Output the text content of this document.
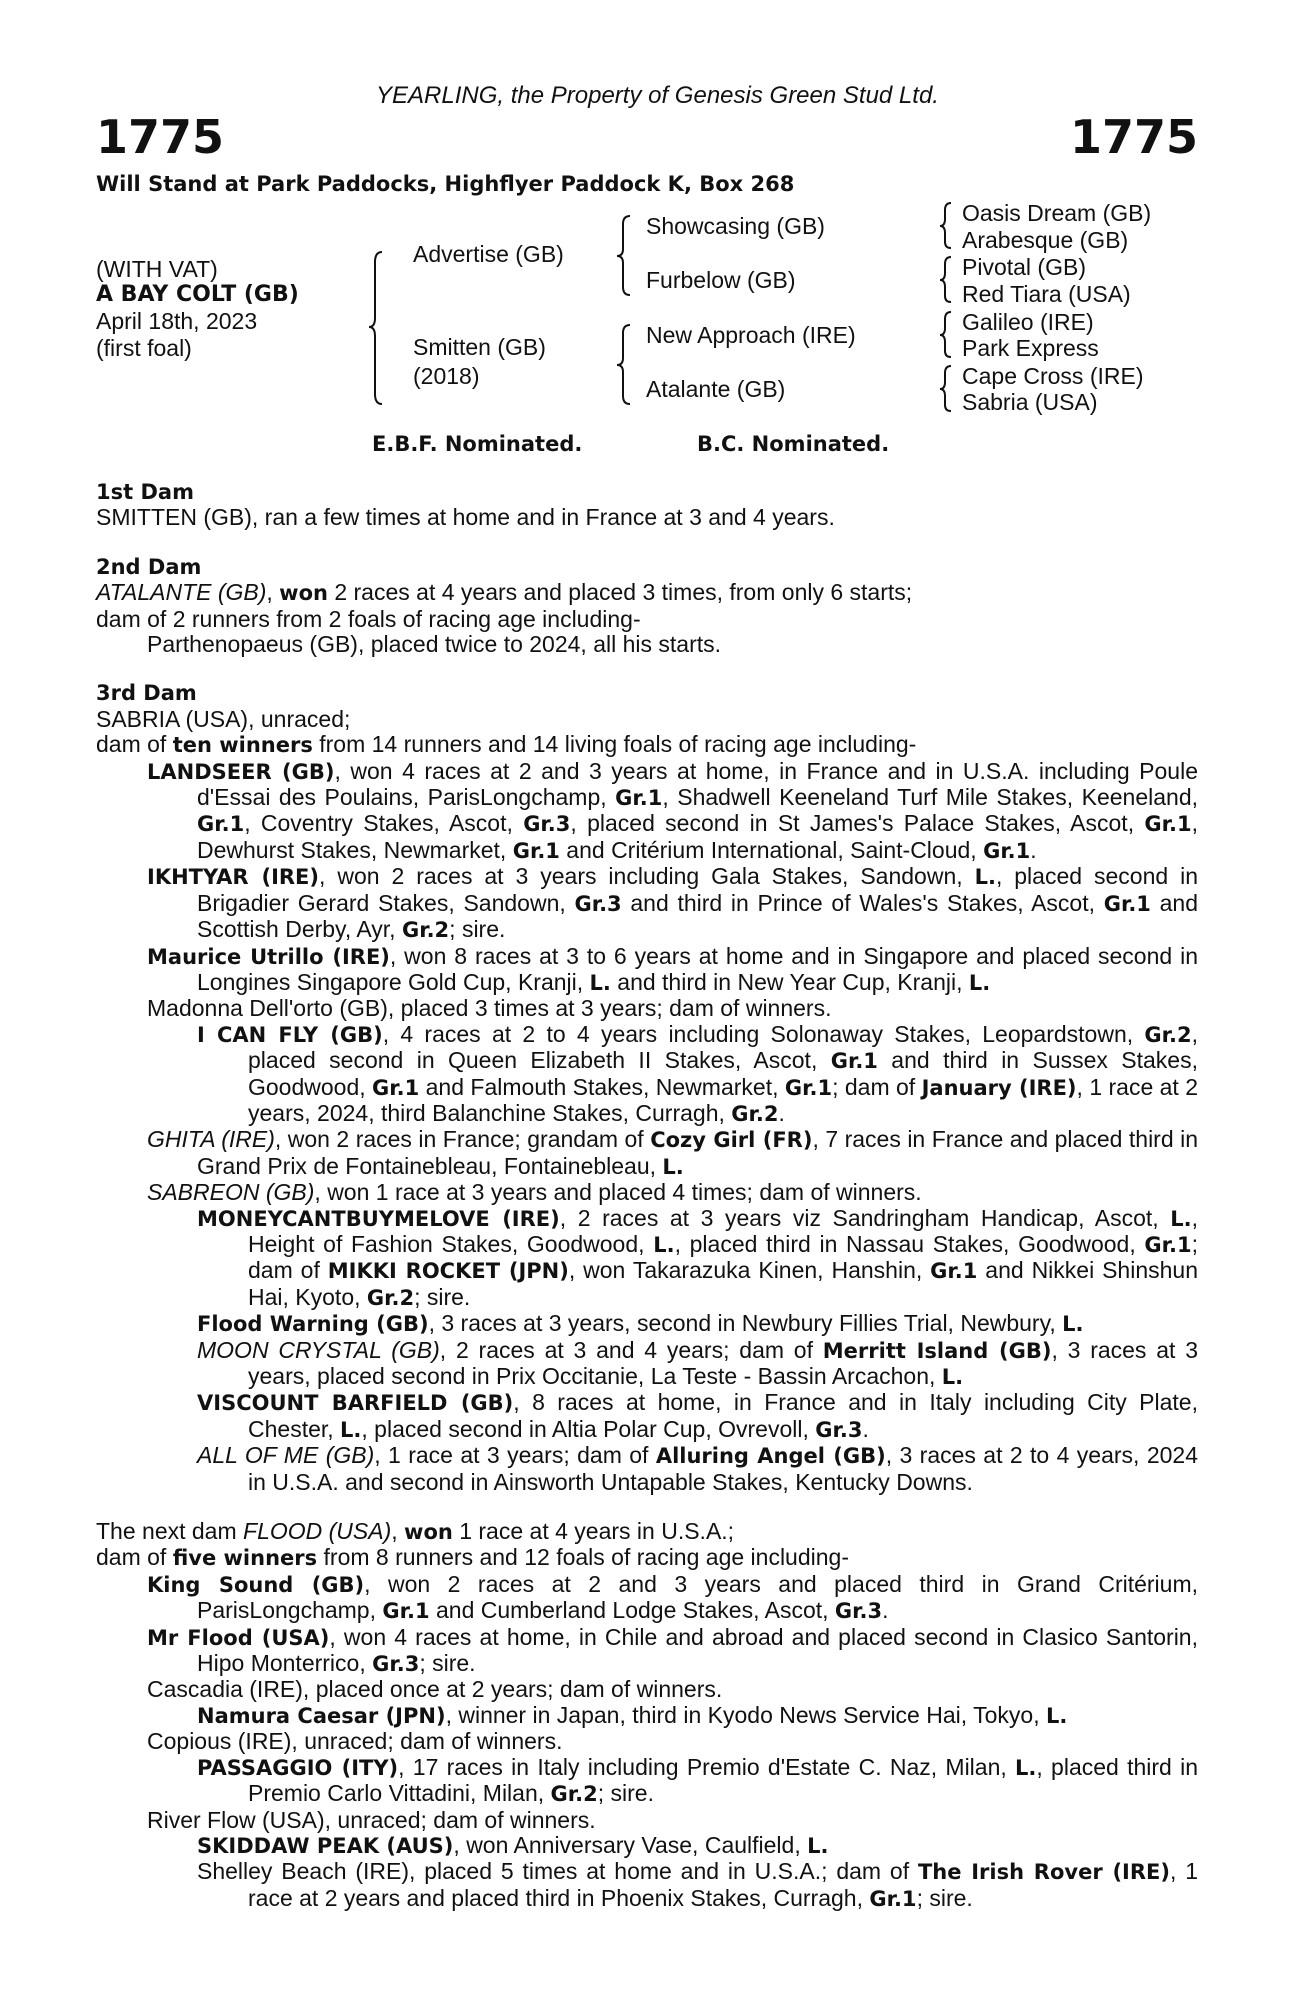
YEARLING, the Property of Genesis Green Stud Ltd.
1775	1775
Will Stand at Park Paddocks, Highflyer Paddock K, Box 268
(WITH VAT)
A BAY COLT (GB)
April 18th, 2023
(first foal)
Advertise (GB)
Smitten (GB)
(2018)
Showcasing (GB)
Furbelow (GB)
New Approach (IRE)
Atalante (GB)
Oasis Dream (GB)
Arabesque (GB)
Pivotal (GB)
Red Tiara (USA)
Galileo (IRE)
Park Express
Cape Cross (IRE)
Sabria (USA)
E.B.F. Nominated.	B.C. Nominated.
1st Dam
SMITTEN (GB), ran a few times at home and in France at 3 and 4 years.
2nd Dam
ATALANTE (GB), won 2 races at 4 years and placed 3 times, from only 6 starts;
dam of 2 runners from 2 foals of racing age including-
Parthenopaeus (GB), placed twice to 2024, all his starts.
3rd Dam
SABRIA (USA), unraced;
dam of ten winners from 14 runners and 14 living foals of racing age including-
LANDSEER (GB), won 4 races at 2 and 3 years at home, in France and in U.S.A. including Poule d'Essai des Poulains, ParisLongchamp, Gr.1, Shadwell Keeneland Turf Mile Stakes, Keeneland, Gr.1, Coventry Stakes, Ascot, Gr.3, placed second in St James's Palace Stakes, Ascot, Gr.1, Dewhurst Stakes, Newmarket, Gr.1 and Critérium International, Saint-Cloud, Gr.1.
IKHTYAR (IRE), won 2 races at 3 years including Gala Stakes, Sandown, L., placed second in Brigadier Gerard Stakes, Sandown, Gr.3 and third in Prince of Wales's Stakes, Ascot, Gr.1 and Scottish Derby, Ayr, Gr.2; sire.
Maurice Utrillo (IRE), won 8 races at 3 to 6 years at home and in Singapore and placed second in Longines Singapore Gold Cup, Kranji, L. and third in New Year Cup, Kranji, L.
Madonna Dell'orto (GB), placed 3 times at 3 years; dam of winners.
I CAN FLY (GB), 4 races at 2 to 4 years including Solonaway Stakes, Leopardstown, Gr.2, placed second in Queen Elizabeth II Stakes, Ascot, Gr.1 and third in Sussex Stakes, Goodwood, Gr.1 and Falmouth Stakes, Newmarket, Gr.1; dam of January (IRE), 1 race at 2 years, 2024, third Balanchine Stakes, Curragh, Gr.2.
GHITA (IRE), won 2 races in France; grandam of Cozy Girl (FR), 7 races in France and placed third in Grand Prix de Fontainebleau, Fontainebleau, L.
SABREON (GB), won 1 race at 3 years and placed 4 times; dam of winners.
MONEYCANTBUYMELOVE (IRE), 2 races at 3 years viz Sandringham Handicap, Ascot, L., Height of Fashion Stakes, Goodwood, L., placed third in Nassau Stakes, Goodwood, Gr.1; dam of MIKKI ROCKET (JPN), won Takarazuka Kinen, Hanshin, Gr.1 and Nikkei Shinshun Hai, Kyoto, Gr.2; sire.
Flood Warning (GB), 3 races at 3 years, second in Newbury Fillies Trial, Newbury, L.
MOON CRYSTAL (GB), 2 races at 3 and 4 years; dam of Merritt Island (GB), 3 races at 3 years, placed second in Prix Occitanie, La Teste - Bassin Arcachon, L.
VISCOUNT BARFIELD (GB), 8 races at home, in France and in Italy including City Plate, Chester, L., placed second in Altia Polar Cup, Ovrevoll, Gr.3.
ALL OF ME (GB), 1 race at 3 years; dam of Alluring Angel (GB), 3 races at 2 to 4 years, 2024 in U.S.A. and second in Ainsworth Untapable Stakes, Kentucky Downs.
The next dam FLOOD (USA), won 1 race at 4 years in U.S.A.;
dam of five winners from 8 runners and 12 foals of racing age including-
King Sound (GB), won 2 races at 2 and 3 years and placed third in Grand Critérium, ParisLongchamp, Gr.1 and Cumberland Lodge Stakes, Ascot, Gr.3.
Mr Flood (USA), won 4 races at home, in Chile and abroad and placed second in Clasico Santorin, Hipo Monterrico, Gr.3; sire.
Cascadia (IRE), placed once at 2 years; dam of winners.
Namura Caesar (JPN), winner in Japan, third in Kyodo News Service Hai, Tokyo, L.
Copious (IRE), unraced; dam of winners.
PASSAGGIO (ITY), 17 races in Italy including Premio d'Estate C. Naz, Milan, L., placed third in Premio Carlo Vittadini, Milan, Gr.2; sire.
River Flow (USA), unraced; dam of winners.
SKIDDAW PEAK (AUS), won Anniversary Vase, Caulfield, L.
Shelley Beach (IRE), placed 5 times at home and in U.S.A.; dam of The Irish Rover (IRE), 1 race at 2 years and placed third in Phoenix Stakes, Curragh, Gr.1; sire.
